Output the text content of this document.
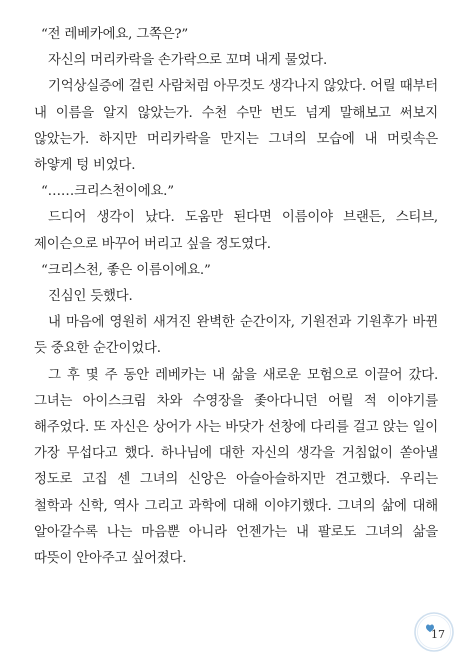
“전 레베카에요, 그쪽은?”

자신의 머리카락을 손가락으로 꼬며 내게 물었다.

기억상실증에 걸린 사람처럼 아무것도 생각나지 않았다. 어릴 때부터 내 이름을 알지 않았는가. 수천 수만 번도 넘게 말해보고 써보지 않았는가. 하지만 머리카락을 만지는 그녀의 모습에 내 머릿속은 하얗게 텅 비었다.

“……크리스천이에요.”

드디어 생각이 났다. 도움만 된다면 이름이야 브랜든, 스티브, 제이슨으로 바꾸어 버리고 싶을 정도였다.

“크리스천, 좋은 이름이에요.”

진심인 듯했다.

내 마음에 영원히 새겨진 완벽한 순간이자, 기원전과 기원후가 바뀐 듯 중요한 순간이었다.

그 후 몇 주 동안 레베카는 내 삶을 새로운 모험으로 이끌어 갔다. 그녀는 아이스크림 차와 수영장을 좇아다니던 어릴 적 이야기를 해주었다. 또 자신은 상어가 사는 바닷가 선창에 다리를 걸고 앉는 일이 가장 무섭다고 했다. 하나님에 대한 자신의 생각을 거침없이 쏟아낼 정도로 고집 센 그녀의 신앙은 아슬아슬하지만 견고했다. 우리는 철학과 신학, 역사 그리고 과학에 대해 이야기했다. 그녀의 삶에 대해 알아갈수록 나는 마음뿐 아니라 언젠가는 내 팔로도 그녀의 삶을 따뜻이 안아주고 싶어졌다.

17
